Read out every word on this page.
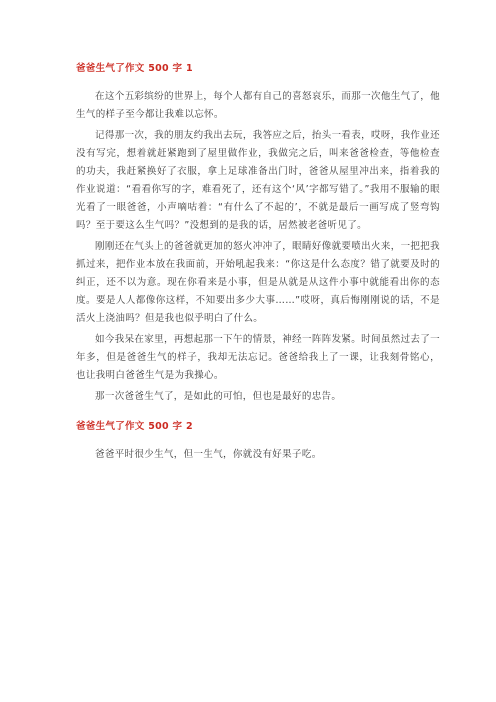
爸爸生气了作文 500 字 1

在这个五彩缤纷的世界上，每个人都有自己的喜怒哀乐，而那一次他生气了，他生气的样子至今都让我难以忘怀。

记得那一次，我的朋友约我出去玩，我答应之后，抬头一看表，哎呀，我作业还没有写完，想着就赶紧跑到了屋里做作业，我做完之后，叫来爸爸检查，等他检查的功夫，我赶紧换好了衣服，拿上足球准备出门时，爸爸从屋里冲出来，指着我的作业说道：“看看你写的字，难看死了，还有这个‘风’字都写错了。”我用不服输的眼光看了一眼爸爸，小声嘀咕着：“有什么了不起的’，不就是最后一画写成了竖弯钩吗？至于要这么生气吗？”没想到的是我的话，居然被老爸听见了。

刚刚还在气头上的爸爸就更加的怒火冲冲了，眼睛好像就要喷出火来，一把把我抓过来，把作业本放在我面前，开始吼起我来：“你这是什么态度？错了就要及时的纠正，还不以为意。现在你看来是小事，但是从就是从这件小事中就能看出你的态度。要是人人都像你这样，不知要出多少大事……”哎呀，真后悔刚刚说的话，不是活火上浇油吗？但是我也似乎明白了什么。

如今我呆在家里，再想起那一下午的情景，神经一阵阵发紧。时间虽然过去了一年多，但是爸爸生气的样子，我却无法忘记。爸爸给我上了一课，让我刻骨铭心，也让我明白爸爸生气是为我操心。

那一次爸爸生气了，是如此的可怕，但也是最好的忠告。

爸爸生气了作文 500 字 2

爸爸平时很少生气，但一生气，你就没有好果子吃。
